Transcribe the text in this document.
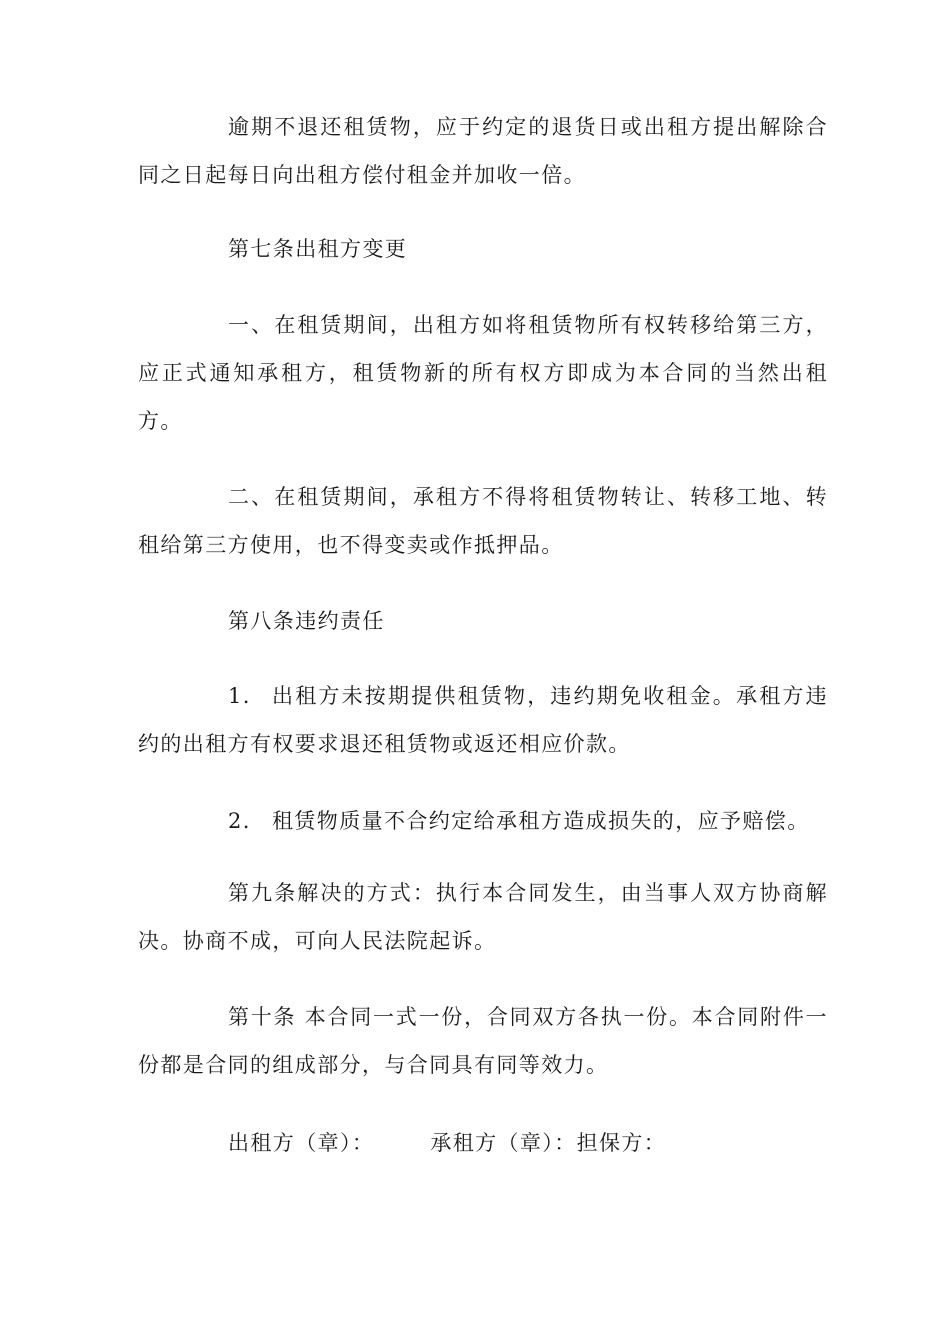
逾期不退还租赁物，应于约定的退货日或出租方提出解除合
同之日起每日向出租方偿付租金并加收一倍。
第七条出租方变更
一、在租赁期间，出租方如将租赁物所有权转移给第三方，
应正式通知承租方，租赁物新的所有权方即成为本合同的当然出租
方。
二、在租赁期间，承租方不得将租赁物转让、转移工地、转
租给第三方使用，也不得变卖或作抵押品。
第八条违约责任
1.	出租方未按期提供租赁物，违约期免收租金。承租方违
约的出租方有权要求退还租赁物或返还相应价款。
2.	租赁物质量不合约定给承租方造成损失的，应予赔偿。
第九条解决的方式：执行本合同发生，由当事人双方协商解
决。协商不成，可向人民法院起诉。
第十条 本合同一式一份，合同双方各执一份。本合同附件一
份都是合同的组成部分，与合同具有同等效力。
出租方（章）：	承租方（章）：担保方：
